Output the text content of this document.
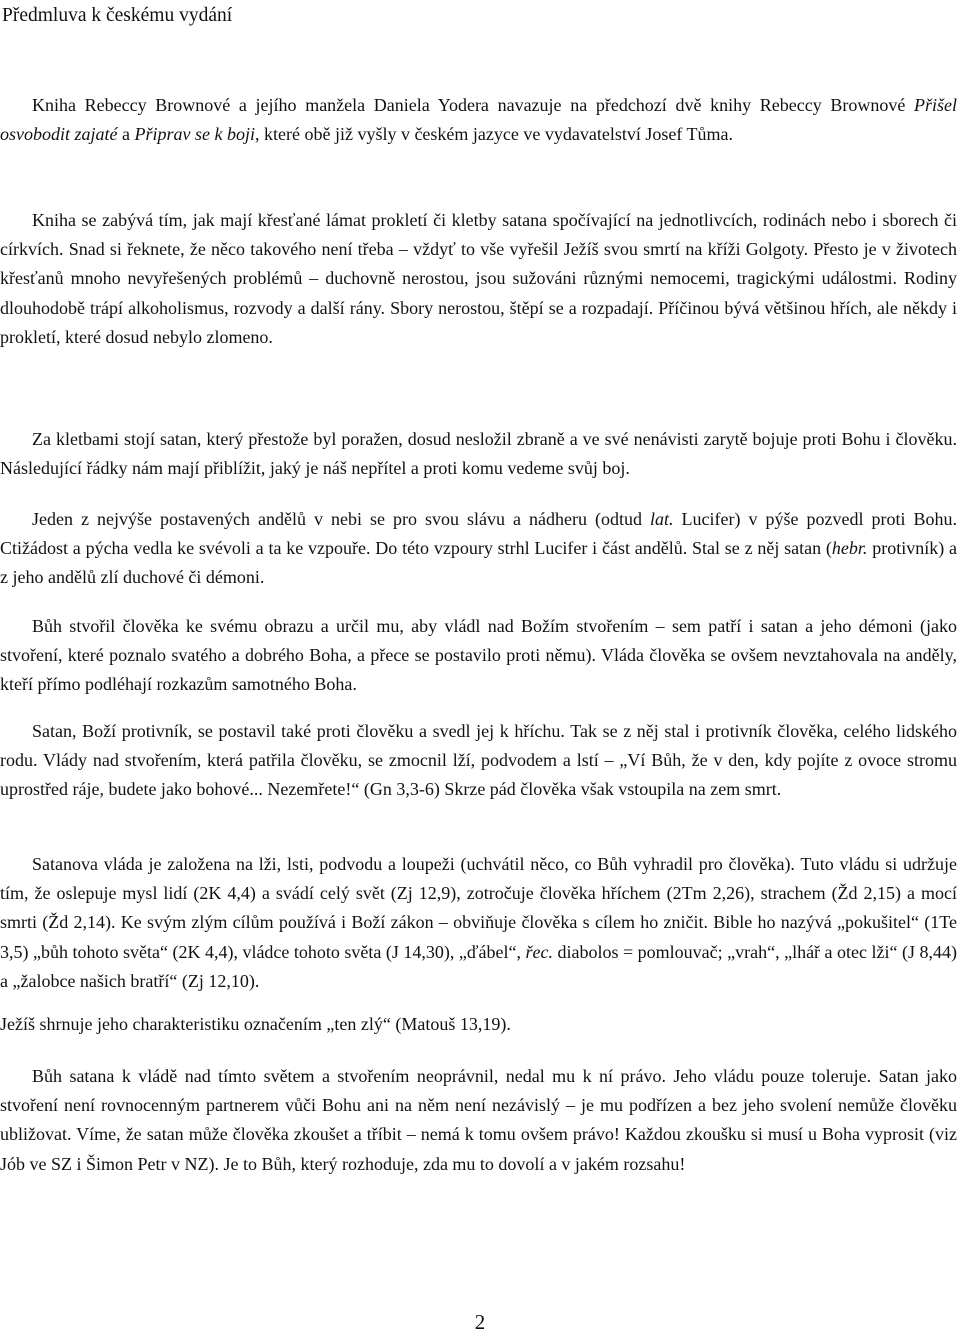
Předmluva k českému vydání

Kniha Rebeccy Brownové a jejího manžela Daniela Yodera navazuje na předchozí dvě knihy Rebeccy Brownové Přišel osvobodit zajaté a Připrav se k boji, které obě již vyšly v českém jazyce ve vydavatelství Josef Tůma.

Kniha se zabývá tím, jak mají křesťané lámat prokletí či kletby satana spočívající na jednotlivcích, rodinách nebo i sborech či církvích. Snad si řeknete, že něco takového není třeba – vždyť to vše vyřešil Ježíš svou smrtí na kříži Golgoty. Přesto je v životech křesťanů mnoho nevyřešených problémů – duchovně nerostou, jsou sužováni různými nemocemi, tragickými událostmi. Rodiny dlouhodobě trápí alkoholismus, rozvody a další rány. Sbory nerostou, štěpí se a rozpadají. Příčinou bývá většinou hřích, ale někdy i prokletí, které dosud nebylo zlomeno.

Za kletbami stojí satan, který přestože byl poražen, dosud nesložil zbraně a ve své nenávisti zarytě bojuje proti Bohu i člověku. Následující řádky nám mají přiblížit, jaký je náš nepřítel a proti komu vedeme svůj boj.

Jeden z nejvýše postavených andělů v nebi se pro svou slávu a nádheru (odtud lat. Lucifer) v pýše pozvedl proti Bohu. Ctižádost a pýcha vedla ke svévoli a ta ke vzpouře. Do této vzpoury strhl Lucifer i část andělů. Stal se z něj satan (hebr. protivník) a z jeho andělů zlí duchové či démoni.

Bůh stvořil člověka ke svému obrazu a určil mu, aby vládl nad Božím stvořením – sem patří i satan a jeho démoni (jako stvoření, které poznalo svatého a dobrého Boha, a přece se postavilo proti němu). Vláda člověka se ovšem nevztahovala na anděly, kteří přímo podléhají rozkazům samotného Boha.

Satan, Boží protivník, se postavil také proti člověku a svedl jej k hříchu. Tak se z něj stal i protivník člověka, celého lidského rodu. Vlády nad stvořením, která patřila člověku, se zmocnil lží, podvodem a lstí – „Ví Bůh, že v den, kdy pojíte z ovoce stromu uprostřed ráje, budete jako bohové... Nezemřete!“ (Gn 3,3-6) Skrze pád člověka však vstoupila na zem smrt.

Satanova vláda je založena na lži, lsti, podvodu a loupeži (uchvátil něco, co Bůh vyhradil pro člověka). Tuto vládu si udržuje tím, že oslepuje mysl lidí (2K 4,4) a svádí celý svět (Zj 12,9), zotročuje člověka hříchem (2Tm 2,26), strachem (Žd 2,15) a mocí smrti (Žd 2,14). Ke svým zlým cílům používá i Boží zákon – obviňuje člověka s cílem ho zničit. Bible ho nazývá „pokušitel“ (1Te 3,5) „bůh tohoto světa“ (2K 4,4), vládce tohoto světa (J 14,30), „ďábel“, řec. diabolos = pomlouvač; „vrah“, „lhář a otec lži“ (J 8,44) a „žalobce našich bratří“ (Zj 12,10).

Ježíš shrnuje jeho charakteristiku označením „ten zlý“ (Matouš 13,19).

Bůh satana k vládě nad tímto světem a stvořením neoprávnil, nedal mu k ní právo. Jeho vládu pouze toleruje. Satan jako stvoření není rovnocenným partnerem vůči Bohu ani na něm není nezávislý – je mu podřízen a bez jeho svolení nemůže člověku ubližovat. Víme, že satan může člověka zkoušet a tříbit – nemá k tomu ovšem právo! Každou zkoušku si musí u Boha vyprosit (viz Jób ve SZ i Šimon Petr v NZ). Je to Bůh, který rozhoduje, zda mu to dovolí a v jakém rozsahu!

2
